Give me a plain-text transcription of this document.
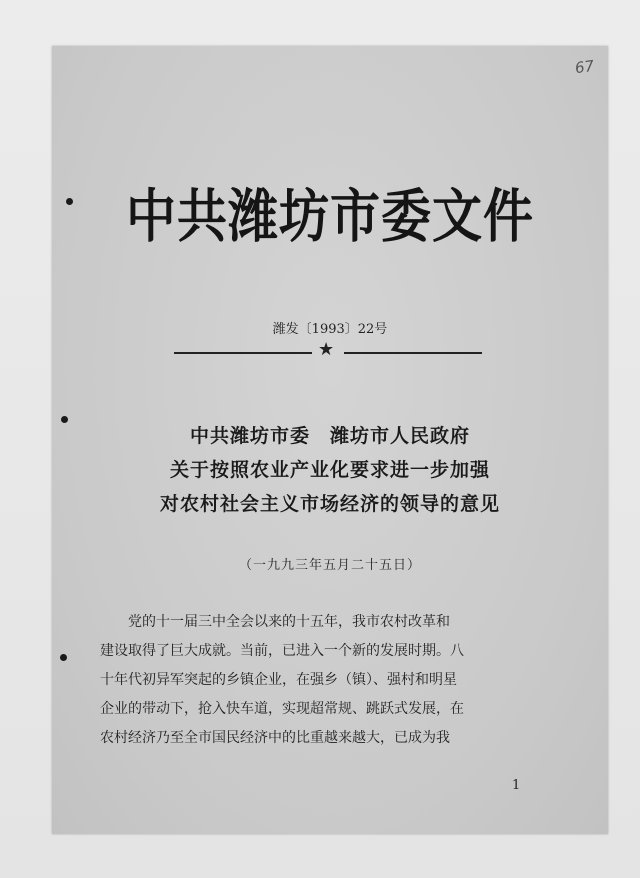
67
中共潍坊市委文件
潍发〔1993〕22号
★
中共潍坊市委　潍坊市人民政府
关于按照农业产业化要求进一步加强
对农村社会主义市场经济的领导的意见
（一九九三年五月二十五日）
　　党的十一届三中全会以来的十五年，我市农村改革和
建设取得了巨大成就。当前，已进入一个新的发展时期。八
十年代初异军突起的乡镇企业，在强乡（镇）、强村和明星
企业的带动下，抢入快车道，实现超常规、跳跃式发展，在
农村经济乃至全市国民经济中的比重越来越大，已成为我
1
